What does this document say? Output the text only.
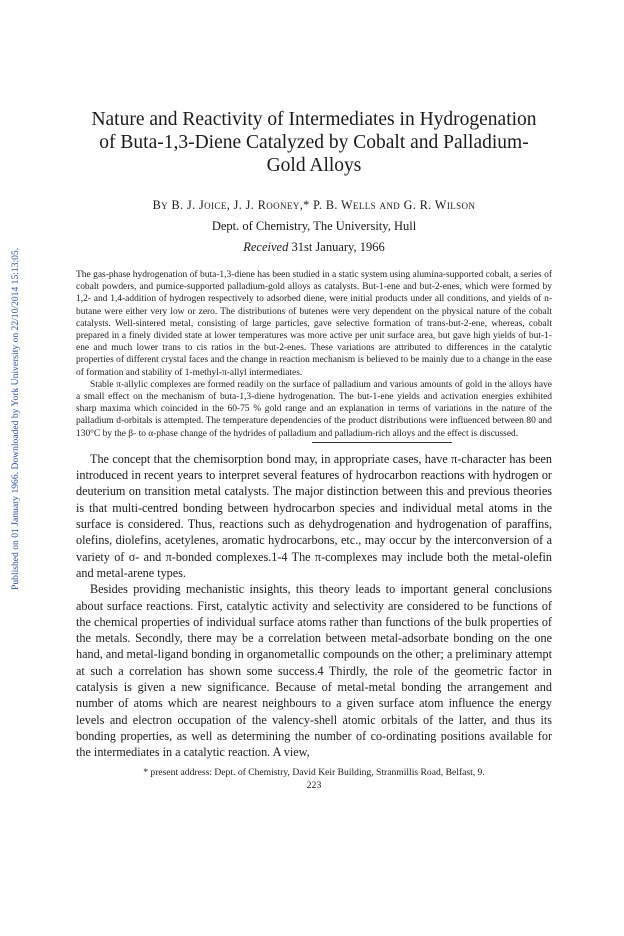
Published on 01 January 1966. Downloaded by York University on 22/10/2014 15:13:05.
Nature and Reactivity of Intermediates in Hydrogenation of Buta-1,3-Diene Catalyzed by Cobalt and Palladium-Gold Alloys
By B. J. Joice, J. J. Rooney,* P. B. Wells and G. R. Wilson
Dept. of Chemistry, The University, Hull
Received 31st January, 1966

The gas-phase hydrogenation of buta-1,3-diene has been studied in a static system using alumina-supported cobalt, a series of cobalt powders, and pumice-supported palladium-gold alloys as catalysts. But-1-ene and but-2-enes, which were formed by 1,2- and 1,4-addition of hydrogen respectively to adsorbed diene, were initial products under all conditions, and yields of n-butane were either very low or zero. The distributions of butenes were very dependent on the physical nature of the cobalt catalysts. Well-sintered metal, consisting of large particles, gave selective formation of trans-but-2-ene, whereas, cobalt prepared in a finely divided state at lower temperatures was more active per unit surface area, but gave high yields of but-1-ene and much lower trans to cis ratios in the but-2-enes. These variations are attributed to differences in the catalytic properties of different crystal faces and the change in reaction mechanism is believed to be mainly due to a change in the ease of formation and stability of 1-methyl-π-allyl intermediates.

Stable π-allylic complexes are formed readily on the surface of palladium and various amounts of gold in the alloys have a small effect on the mechanism of buta-1,3-diene hydrogenation. The but-1-ene yields and activation energies exhibited sharp maxima which coincided in the 60-75 % gold range and an explanation in terms of variations in the nature of the palladium d-orbitals is attempted. The temperature dependencies of the product distributions were influenced between 80 and 130°C by the β- to α-phase change of the hydrides of palladium and palladium-rich alloys and the effect is discussed.

The concept that the chemisorption bond may, in appropriate cases, have π-character has been introduced in recent years to interpret several features of hydrocarbon reactions with hydrogen or deuterium on transition metal catalysts. The major distinction between this and previous theories is that multi-centred bonding between hydrocarbon species and individual metal atoms in the surface is considered. Thus, reactions such as dehydrogenation and hydrogenation of paraffins, olefins, diolefins, acetylenes, aromatic hydrocarbons, etc., may occur by the interconversion of a variety of σ- and π-bonded complexes.1-4 The π-complexes may include both the metal-olefin and metal-arene types.

Besides providing mechanistic insights, this theory leads to important general conclusions about surface reactions. First, catalytic activity and selectivity are considered to be functions of the chemical properties of individual surface atoms rather than functions of the bulk properties of the metals. Secondly, there may be a correlation between metal-adsorbate bonding on the one hand, and metal-ligand bonding in organometallic compounds on the other; a preliminary attempt at such a correlation has shown some success.4 Thirdly, the role of the geometric factor in catalysis is given a new significance. Because of metal-metal bonding the arrangement and number of atoms which are nearest neighbours to a given surface atom influence the energy levels and electron occupation of the valency-shell atomic orbitals of the latter, and thus its bonding properties, as well as determining the number of co-ordinating positions available for the intermediates in a catalytic reaction. A view,

* present address: Dept. of Chemistry, David Keir Building, Stranmillis Road, Belfast, 9.
223
